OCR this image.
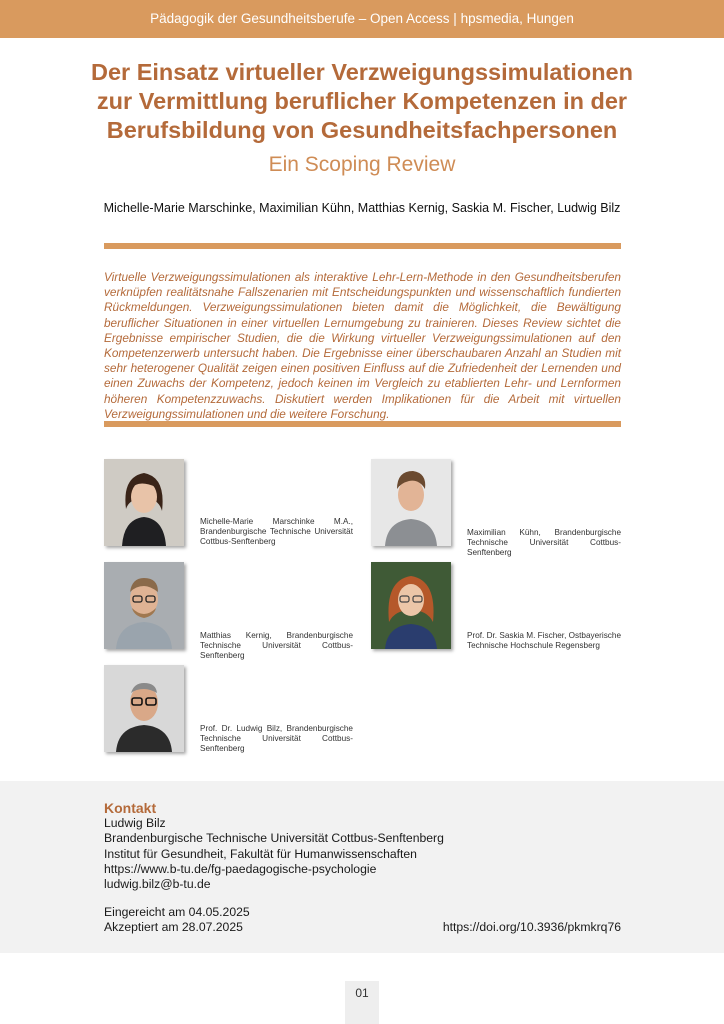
Pädagogik der Gesundheitsberufe – Open Access | hpsmedia, Hungen
Der Einsatz virtueller Verzweigungssimulationen
zur Vermittlung beruflicher Kompetenzen in der
Berufsbildung von Gesundheitsfachpersonen
Ein Scoping Review
Michelle-Marie Marschinke, Maximilian Kühn, Matthias Kernig, Saskia M. Fischer, Ludwig Bilz

Virtuelle Verzweigungssimulationen als interaktive Lehr-Lern-Methode in den Gesundheitsberufen verknüpfen realitätsnahe Fallszenarien mit Entscheidungspunkten und wissenschaftlich fundierten Rückmeldungen. Verzweigungssimulationen bieten damit die Möglichkeit, die Bewältigung beruflicher Situationen in einer virtuellen Lernumgebung zu trainieren. Dieses Review sichtet die Ergebnisse empirischer Studien, die die Wirkung virtueller Verzweigungssimulationen auf den Kompetenzerwerb untersucht haben. Die Ergebnisse einer überschaubaren Anzahl an Studien mit sehr heterogener Qualität zeigen einen positiven Einfluss auf die Zufriedenheit der Lernenden und einen Zuwachs der Kompetenz, jedoch keinen im Vergleich zu etablierten Lehr- und Lernformen höheren Kompetenzzuwachs. Diskutiert werden Implikationen für die Arbeit mit virtuellen Verzweigungssimulationen und die weitere Forschung.

Michelle-Marie Marschinke M.A., Brandenburgische Technische Universität Cottbus-Senftenberg
Maximilian Kühn, Brandenburgische Technische Universität Cottbus-Senftenberg
Matthias Kernig, Brandenburgische Technische Universität Cottbus-Senftenberg
Prof. Dr. Saskia M. Fischer, Ostbayerische Technische Hochschule Regensberg
Prof. Dr. Ludwig Bilz, Brandenburgische Technische Universität Cottbus-Senftenberg
Kontakt
Ludwig Bilz
Brandenburgische Technische Universität Cottbus-Senftenberg
Institut für Gesundheit, Fakultät für Humanwissenschaften
https://www.b-tu.de/fg-paedagogische-psychologie
ludwig.bilz@b-tu.de
Eingereicht am 04.05.2025
Akzeptiert am 28.07.2025	https://doi.org/10.3936/pkmkrq76
01
